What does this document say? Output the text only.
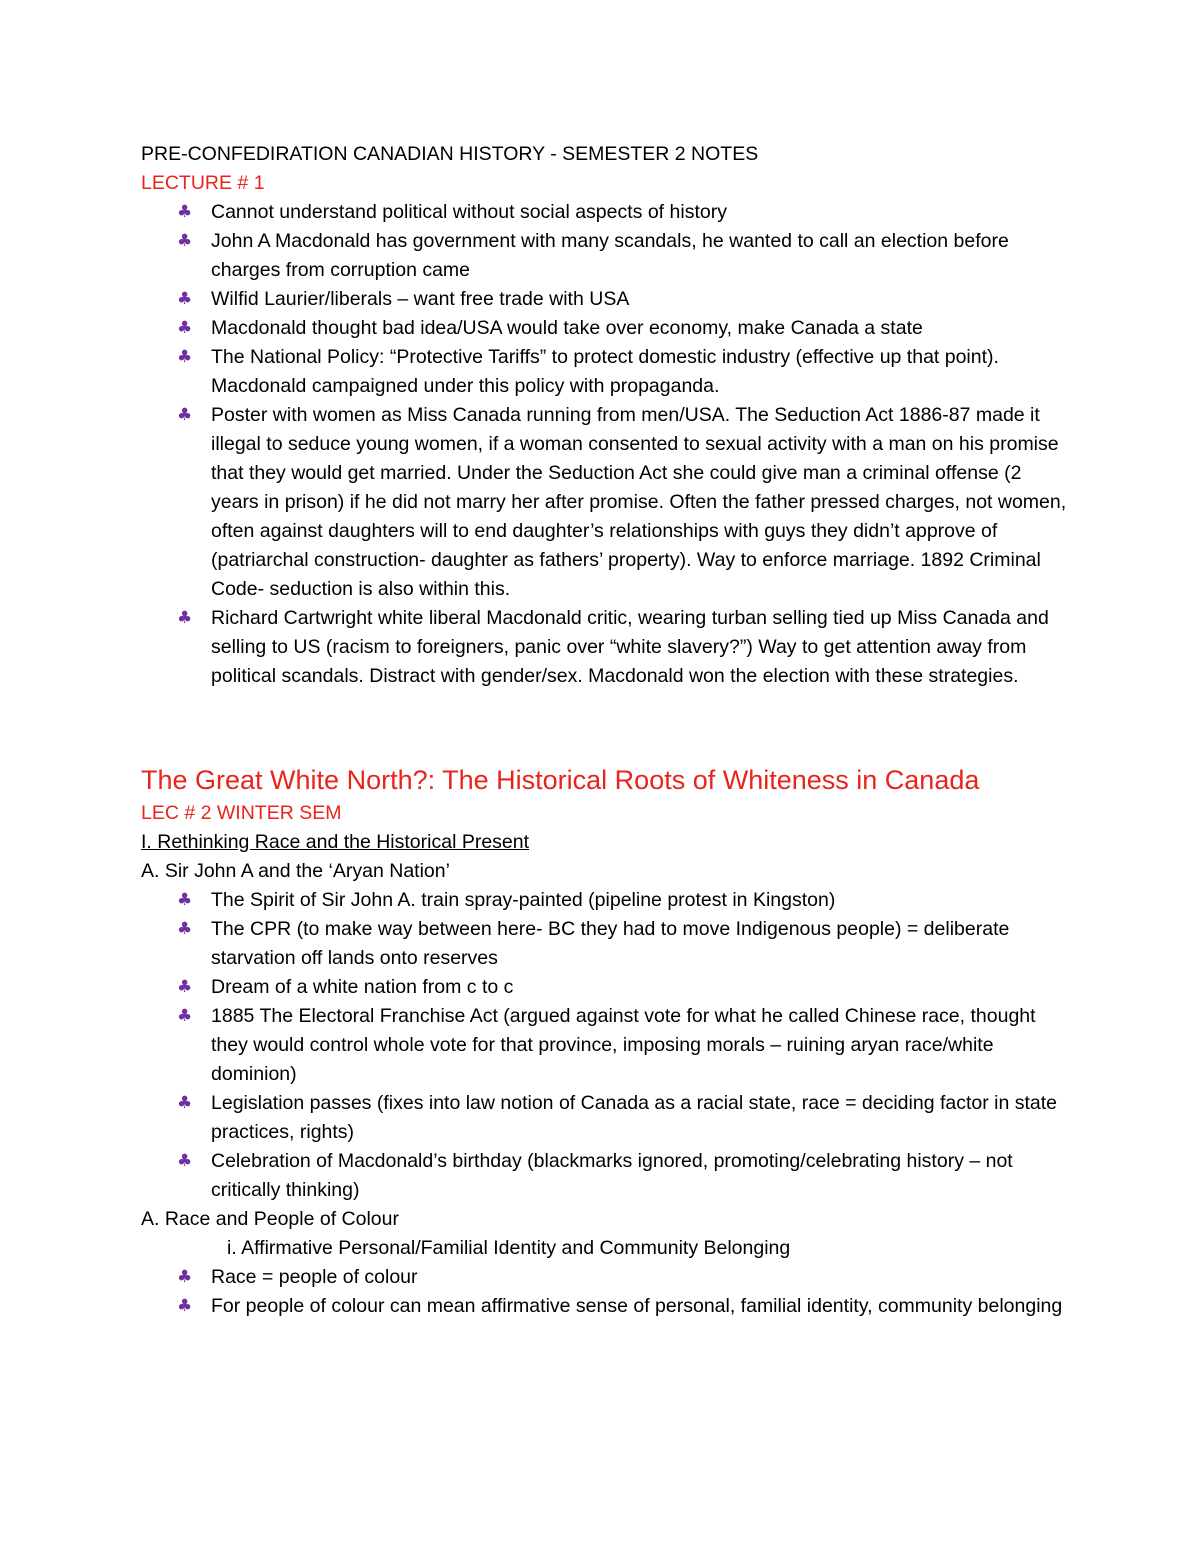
PRE-CONFEDIRATION CANADIAN HISTORY - SEMESTER 2 NOTES
LECTURE # 1
♣ Cannot understand political without social aspects of history
♣ John A Macdonald has government with many scandals, he wanted to call an election before charges from corruption came
♣ Wilfid Laurier/liberals – want free trade with USA
♣ Macdonald thought bad idea/USA would take over economy, make Canada a state
♣ The National Policy: “Protective Tariffs” to protect domestic industry (effective up that point). Macdonald campaigned under this policy with propaganda.
♣ Poster with women as Miss Canada running from men/USA. The Seduction Act 1886-87 made it illegal to seduce young women, if a woman consented to sexual activity with a man on his promise that they would get married. Under the Seduction Act she could give man a criminal offense (2 years in prison) if he did not marry her after promise. Often the father pressed charges, not women, often against daughters will to end daughter’s relationships with guys they didn’t approve of (patriarchal construction- daughter as fathers’ property). Way to enforce marriage. 1892 Criminal Code- seduction is also within this.
♣ Richard Cartwright white liberal Macdonald critic, wearing turban selling tied up Miss Canada and selling to US (racism to foreigners, panic over “white slavery?”) Way to get attention away from political scandals. Distract with gender/sex. Macdonald won the election with these strategies.
The Great White North?: The Historical Roots of Whiteness in Canada
LEC # 2 WINTER SEM
I. Rethinking Race and the Historical Present
A. Sir John A and the ‘Aryan Nation’
♣ The Spirit of Sir John A. train spray-painted (pipeline protest in Kingston)
♣ The CPR (to make way between here- BC they had to move Indigenous people) = deliberate starvation off lands onto reserves
♣ Dream of a white nation from c to c
♣ 1885 The Electoral Franchise Act (argued against vote for what he called Chinese race, thought they would control whole vote for that province, imposing morals – ruining aryan race/white dominion)
♣ Legislation passes (fixes into law notion of Canada as a racial state, race = deciding factor in state practices, rights)
♣ Celebration of Macdonald’s birthday (blackmarks ignored, promoting/celebrating history – not critically thinking)
A. Race and People of Colour
i. Affirmative Personal/Familial Identity and Community Belonging
♣ Race = people of colour
♣ For people of colour can mean affirmative sense of personal, familial identity, community belonging
